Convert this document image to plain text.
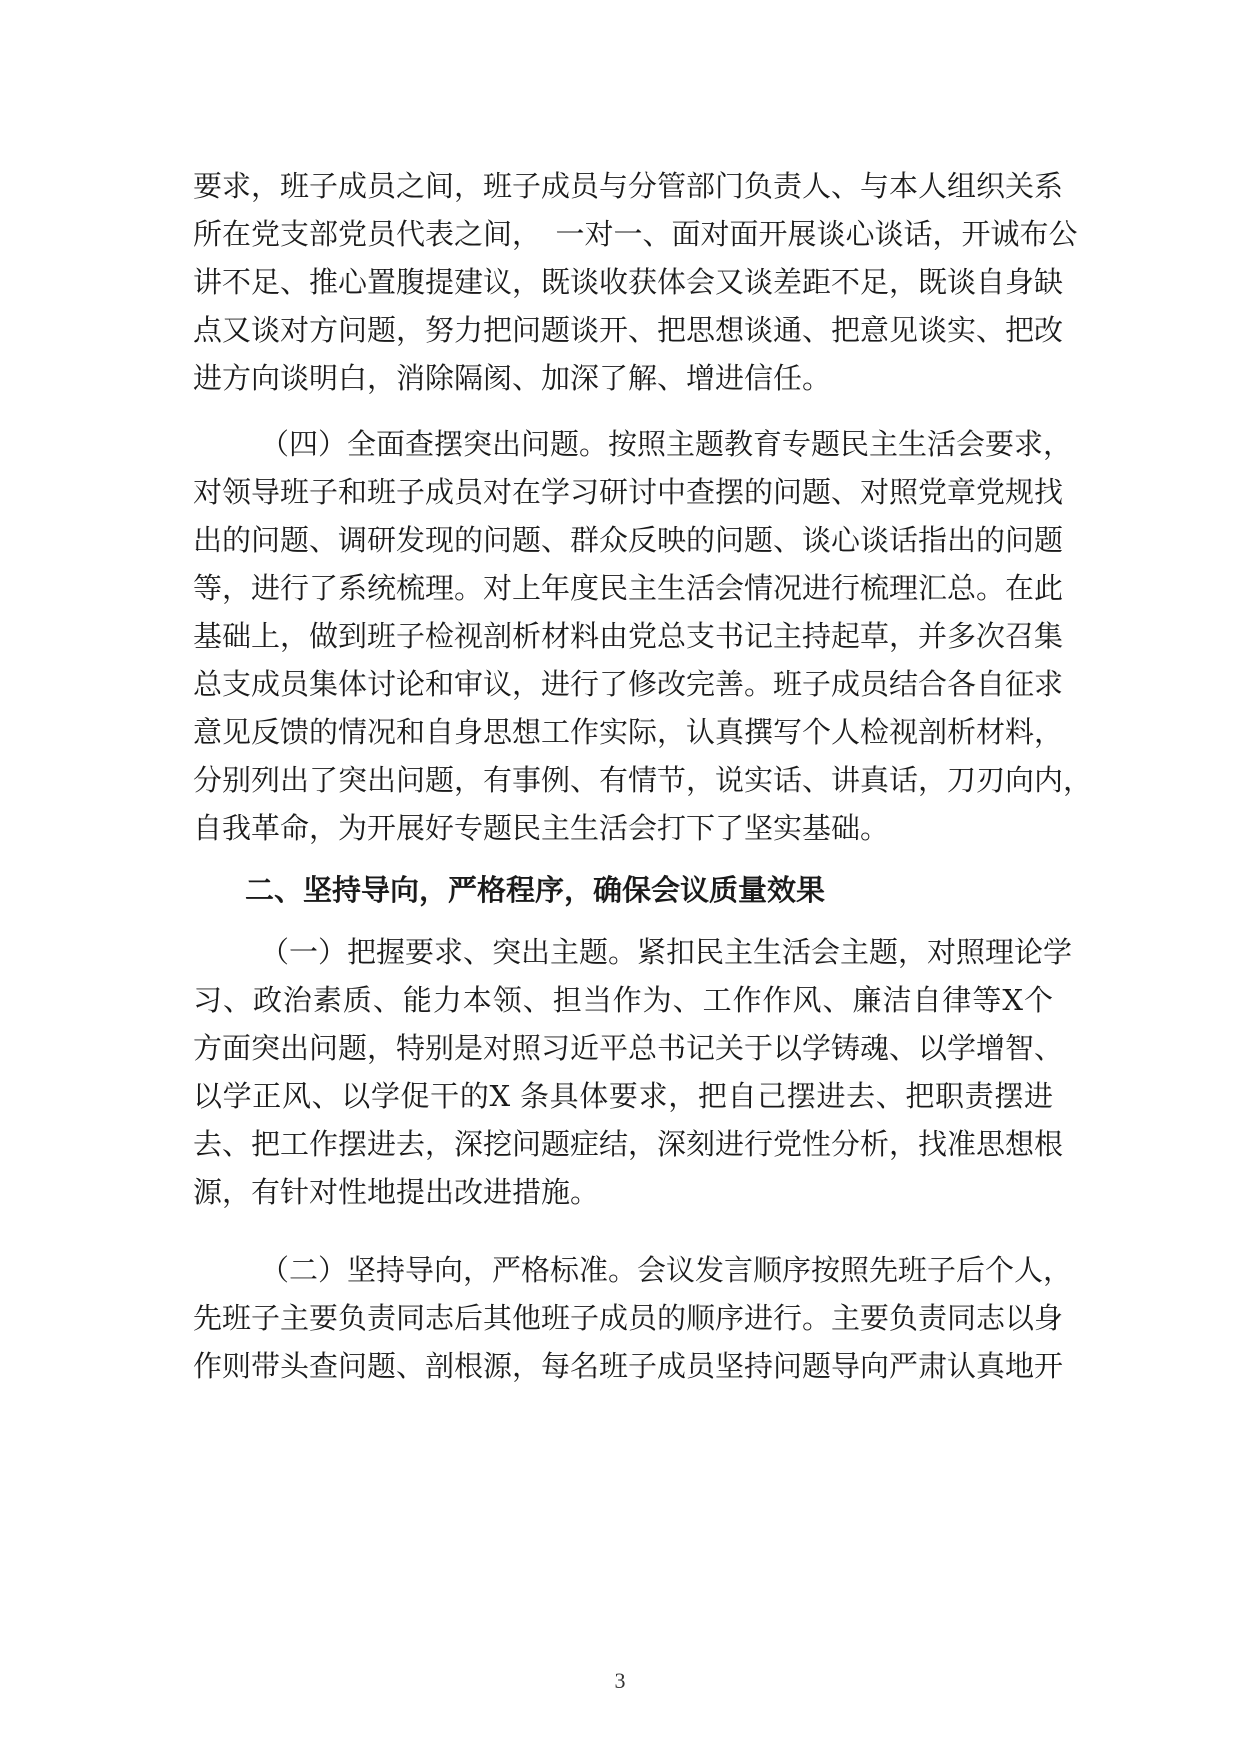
要求，班子成员之间，班子成员与分管部门负责人、与本人组织关系
所在党支部党员代表之间，　一对一、面对面开展谈心谈话，开诚布公
讲不足、推心置腹提建议，既谈收获体会又谈差距不足，既谈自身缺
点又谈对方问题，努力把问题谈开、把思想谈通、把意见谈实、把改
进方向谈明白，消除隔阂、加深了解、增进信任。
（四）全面查摆突出问题。按照主题教育专题民主生活会要求，
对领导班子和班子成员对在学习研讨中查摆的问题、对照党章党规找
出的问题、调研发现的问题、群众反映的问题、谈心谈话指出的问题
等，进行了系统梳理。对上年度民主生活会情况进行梳理汇总。在此
基础上，做到班子检视剖析材料由党总支书记主持起草，并多次召集
总支成员集体讨论和审议，进行了修改完善。班子成员结合各自征求
意见反馈的情况和自身思想工作实际，认真撰写个人检视剖析材料，
分别列出了突出问题，有事例、有情节，说实话、讲真话，刀刃向内，
自我革命，为开展好专题民主生活会打下了坚实基础。
二、坚持导向，严格程序，确保会议质量效果
（一）把握要求、突出主题。紧扣民主生活会主题，对照理论学
习、政治素质、能力本领、担当作为、工作作风、廉洁自律等X个
方面突出问题，特别是对照习近平总书记关于以学铸魂、以学增智、
以学正风、以学促干的X 条具体要求，把自己摆进去、把职责摆进
去、把工作摆进去，深挖问题症结，深刻进行党性分析，找准思想根
源，有针对性地提出改进措施。
（二）坚持导向，严格标准。会议发言顺序按照先班子后个人，
先班子主要负责同志后其他班子成员的顺序进行。主要负责同志以身
作则带头查问题、剖根源，每名班子成员坚持问题导向严肃认真地开
3
